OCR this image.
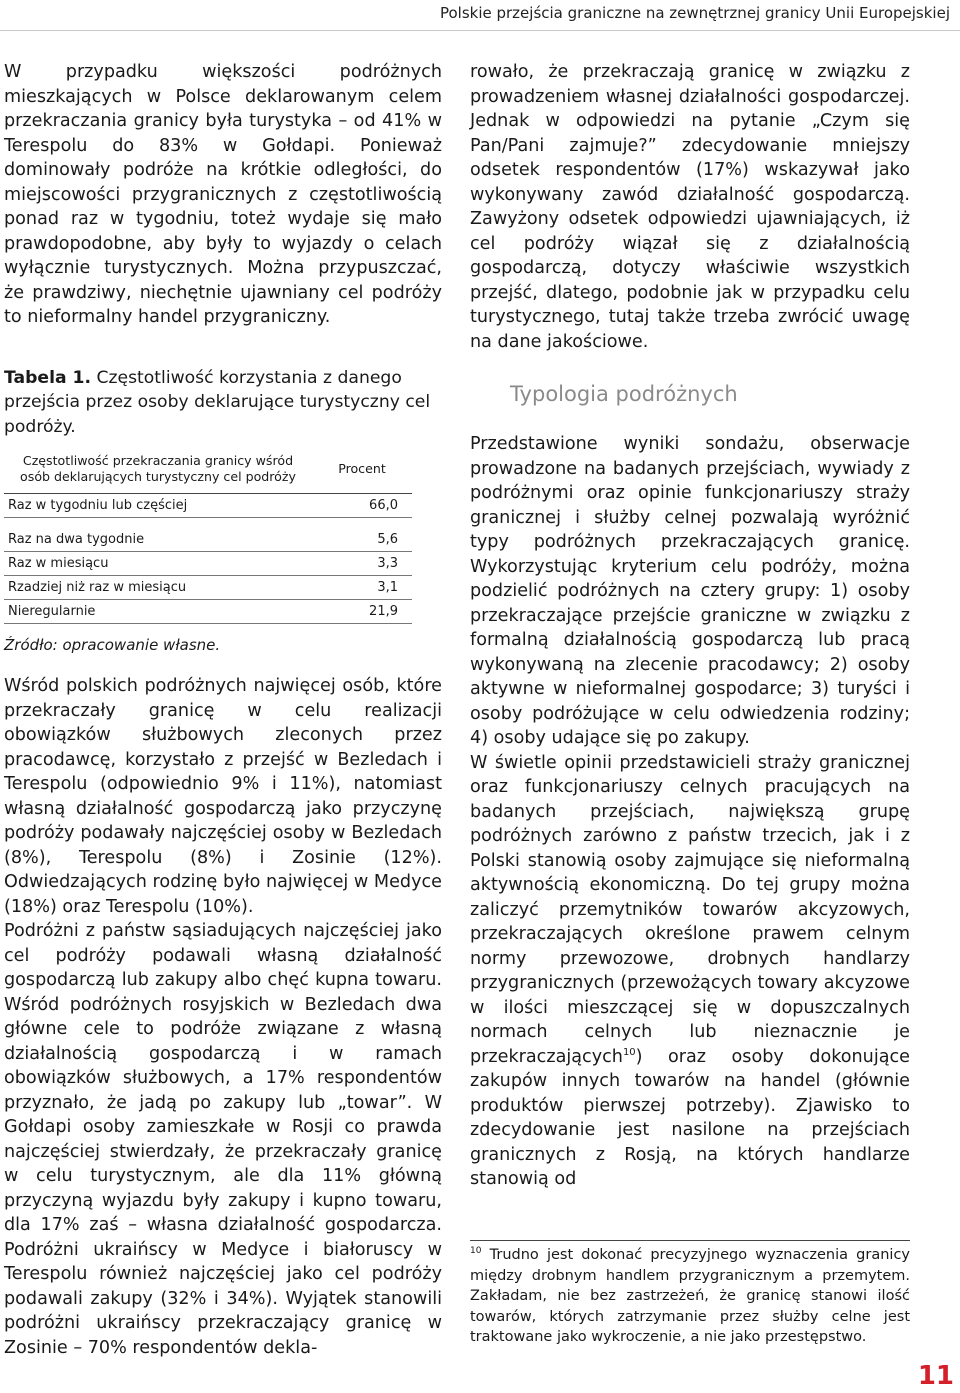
Polskie przejścia graniczne na zewnętrznej granicy Unii Europejskiej

W przypadku większości podróżnych mieszkających w Polsce deklarowanym celem przekraczania granicy była turystyka – od 41% w Terespolu do 83% w Gołdapi. Ponieważ dominowały podróże na krótkie odległości, do miejscowości przygranicznych z częstotliwością ponad raz w tygodniu, toteż wydaje się mało prawdopodobne, aby były to wyjazdy o celach wyłącznie turystycznych. Można przypuszczać, że prawdziwy, niechętnie ujawniany cel podróży to nieformalny handel przygraniczny.

Tabela 1. Częstotliwość korzystania z danego przejścia przez osoby deklarujące turystyczny cel podróży.
Częstotliwość przekraczania granicy wśród osób deklarujących turystyczny cel podróży	Procent
Raz w tygodniu lub częściej	66,0
Raz na dwa tygodnie	5,6
Raz w miesiącu	3,3
Rzadziej niż raz w miesiącu	3,1
Nieregularnie	21,9
Źródło: opracowanie własne.

Wśród polskich podróżnych najwięcej osób, które przekraczały granicę w celu realizacji obowiązków służbowych zleconych przez pracodawcę, korzystało z przejść w Bezledach i Terespolu (odpowiednio 9% i 11%), natomiast własną działalność gospodarczą jako przyczynę podróży podawały najczęściej osoby w Bezledach (8%), Terespolu (8%) i Zosinie (12%). Odwiedzających rodzinę było najwięcej w Medyce (18%) oraz Terespolu (10%).

Podróżni z państw sąsiadujących najczęściej jako cel podróży podawali własną działalność gospodarczą lub zakupy albo chęć kupna towaru. Wśród podróżnych rosyjskich w Bezledach dwa główne cele to podróże związane z własną działalnością gospodarczą i w ramach obowiązków służbowych, a 17% respondentów przyznało, że jadą po zakupy lub „towar”. W Gołdapi osoby zamieszkałe w Rosji co prawda najczęściej stwierdzały, że przekraczały granicę w celu turystycznym, ale dla 11% główną przyczyną wyjazdu były zakupy i kupno towaru, dla 17% zaś – własna działalność gospodarcza. Podróżni ukraińscy w Medyce i białoruscy w Terespolu również najczęściej jako cel podróży podawali zakupy (32% i 34%). Wyjątek stanowili podróżni ukraińscy przekraczający granicę w Zosinie – 70% respondentów dekla-

rowało, że przekraczają granicę w związku z prowadzeniem własnej działalności gospodarczej. Jednak w odpowiedzi na pytanie „Czym się Pan/Pani zajmuje?” zdecydowanie mniejszy odsetek respondentów (17%) wskazywał jako wykonywany zawód działalność gospodarczą. Zawyżony odsetek odpowiedzi ujawniających, iż cel podróży wiązał się z działalnością gospodarczą, dotyczy właściwie wszystkich przejść, dlatego, podobnie jak w przypadku celu turystycznego, tutaj także trzeba zwrócić uwagę na dane jakościowe.

Typologia podróżnych

Przedstawione wyniki sondażu, obserwacje prowadzone na badanych przejściach, wywiady z podróżnymi oraz opinie funkcjonariuszy straży granicznej i służby celnej pozwalają wyróżnić typy podróżnych przekraczających granicę. Wykorzystując kryterium celu podróży, można podzielić podróżnych na cztery grupy: 1) osoby przekraczające przejście graniczne w związku z formalną działalnością gospodarczą lub pracą wykonywaną na zlecenie pracodawcy; 2) osoby aktywne w nieformalnej gospodarce; 3) turyści i osoby podróżujące w celu odwiedzenia rodziny; 4) osoby udające się po zakupy.

W świetle opinii przedstawicieli straży granicznej oraz funkcjonariuszy celnych pracujących na badanych przejściach, największą grupę podróżnych zarówno z państw trzecich, jak i z Polski stanowią osoby zajmujące się nieformalną aktywnością ekonomiczną. Do tej grupy można zaliczyć przemytników towarów akcyzowych, przekraczających określone prawem celnym normy przewozowe, drobnych handlarzy przygranicznych (przewożących towary akcyzowe w ilości mieszczącej się w dopuszczalnych normach celnych lub nieznacznie je przekraczających$^{10}$) oraz osoby dokonujące zakupów innych towarów na handel (głównie produktów pierwszej potrzeby). Zjawisko to zdecydowanie jest nasilone na przejściach granicznych z Rosją, na których handlarze stanowią od

$^{10}$ Trudno jest dokonać precyzyjnego wyznaczenia granicy między drobnym handlem przygranicznym a przemytem. Zakładam, nie bez zastrzeżeń, że granicę stanowi ilość towarów, których zatrzymanie przez służby celne jest traktowane jako wykroczenie, a nie jako przestępstwo.
11
